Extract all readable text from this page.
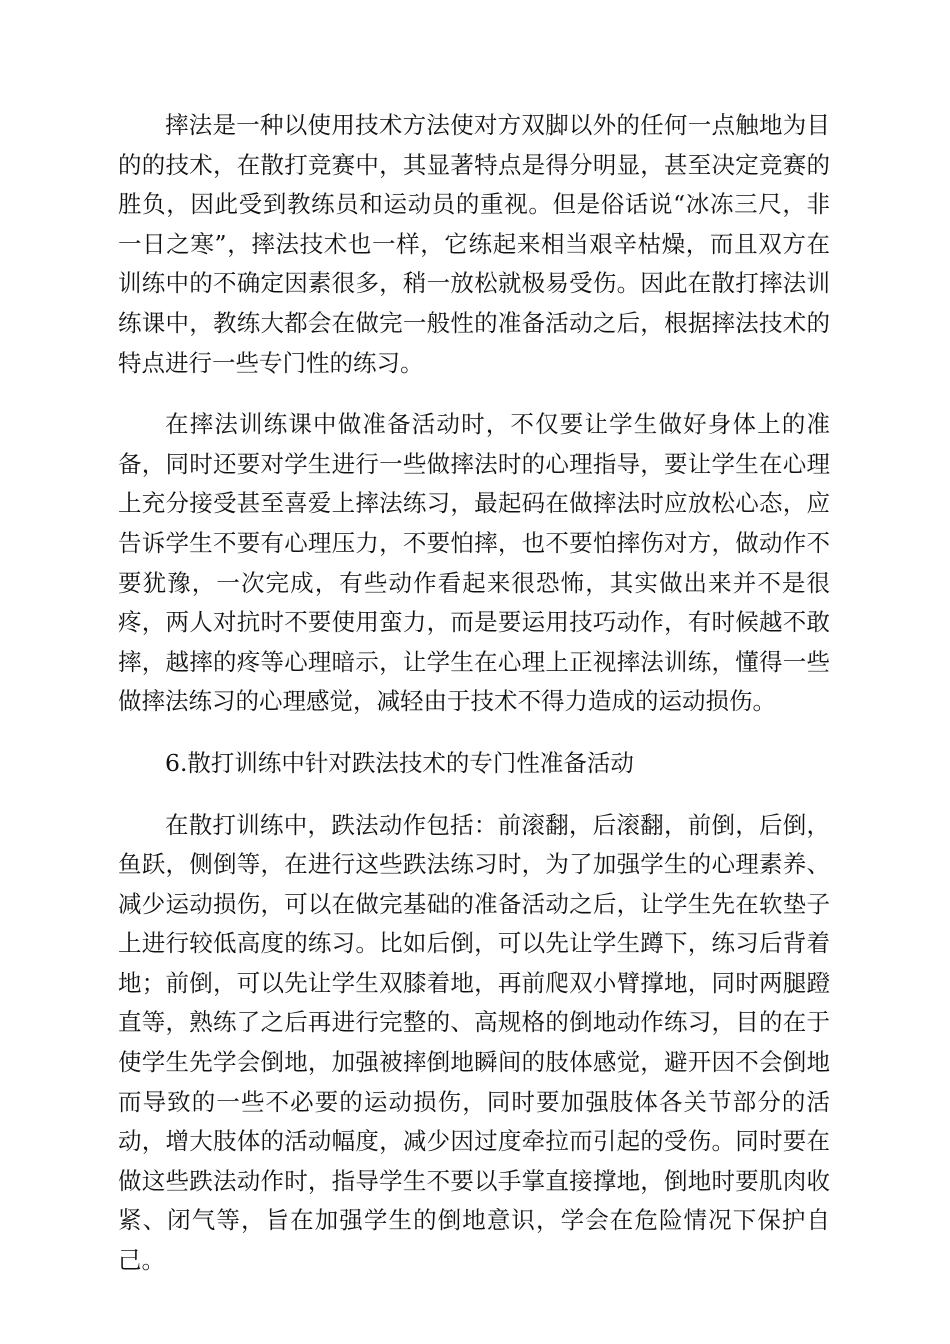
摔法是一种以使用技术方法使对方双脚以外的任何一点触地为目的的技术，在散打竞赛中，其显著特点是得分明显，甚至决定竞赛的胜负，因此受到教练员和运动员的重视。但是俗话说“冰冻三尺，非一日之寒”，摔法技术也一样，它练起来相当艰辛枯燥，而且双方在训练中的不确定因素很多，稍一放松就极易受伤。因此在散打摔法训练课中，教练大都会在做完一般性的准备活动之后，根据摔法技术的特点进行一些专门性的练习。

在摔法训练课中做准备活动时，不仅要让学生做好身体上的准备，同时还要对学生进行一些做摔法时的心理指导，要让学生在心理上充分接受甚至喜爱上摔法练习，最起码在做摔法时应放松心态，应告诉学生不要有心理压力，不要怕摔，也不要怕摔伤对方，做动作不要犹豫，一次完成，有些动作看起来很恐怖，其实做出来并不是很疼，两人对抗时不要使用蛮力，而是要运用技巧动作，有时候越不敢摔，越摔的疼等心理暗示，让学生在心理上正视摔法训练，懂得一些做摔法练习的心理感觉，减轻由于技术不得力造成的运动损伤。

6.散打训练中针对跌法技术的专门性准备活动

在散打训练中，跌法动作包括：前滚翻，后滚翻，前倒，后倒，鱼跃，侧倒等，在进行这些跌法练习时，为了加强学生的心理素养、减少运动损伤，可以在做完基础的准备活动之后，让学生先在软垫子上进行较低高度的练习。比如后倒，可以先让学生蹲下，练习后背着地；前倒，可以先让学生双膝着地，再前爬双小臂撑地，同时两腿蹬直等，熟练了之后再进行完整的、高规格的倒地动作练习，目的在于使学生先学会倒地，加强被摔倒地瞬间的肢体感觉，避开因不会倒地而导致的一些不必要的运动损伤，同时要加强肢体各关节部分的活动，增大肢体的活动幅度，减少因过度牵拉而引起的受伤。同时要在做这些跌法动作时，指导学生不要以手掌直接撑地，倒地时要肌肉收紧、闭气等，旨在加强学生的倒地意识，学会在危险情况下保护自己。
